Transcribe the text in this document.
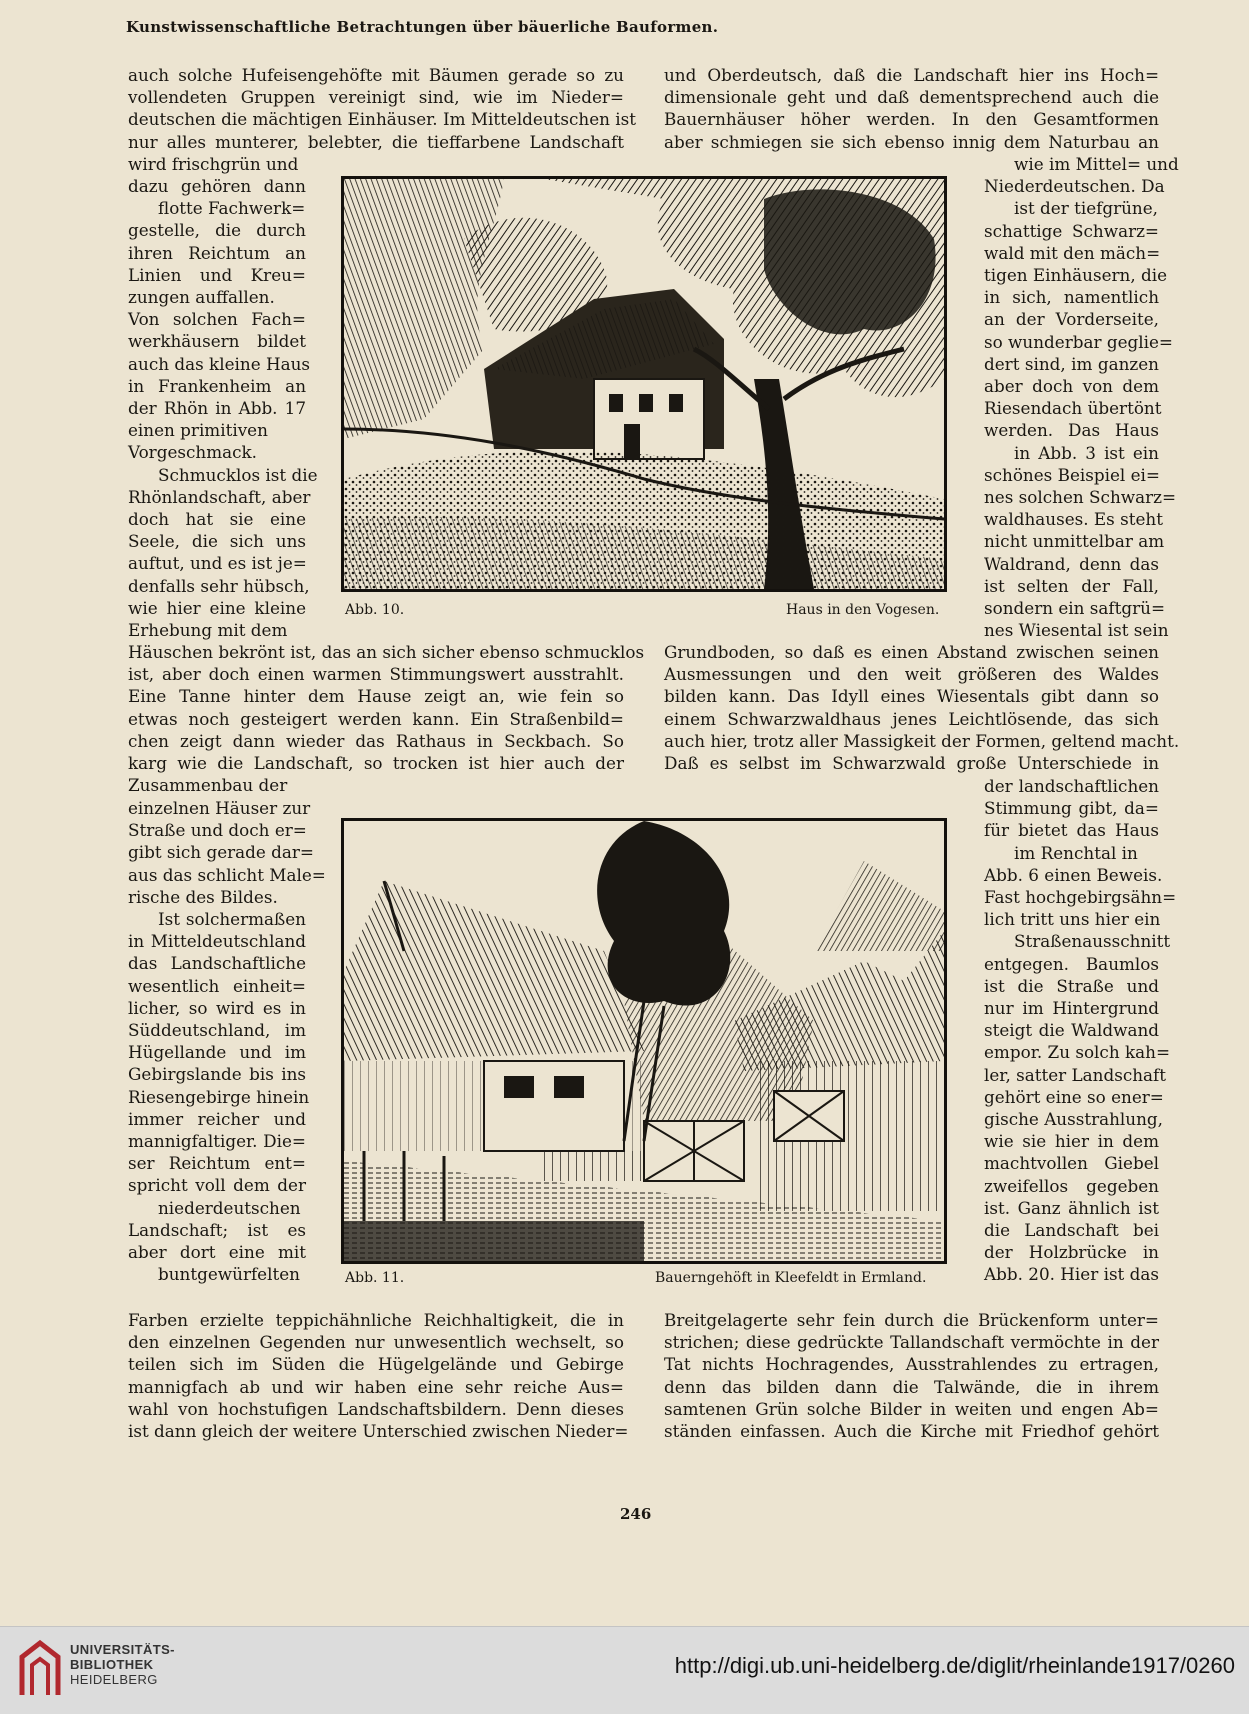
Kunstwissenschaftliche Betrachtungen über bäuerliche Bauformen.
auch solche Hufeisengehöfte mit Bäumen gerade so zu
vollendeten Gruppen vereinigt sind, wie im Nieder=
deutschen die mächtigen Einhäuser. Im Mitteldeutschen ist
nur alles munterer, belebter, die tieffarbene Landschaft
wird frischgrün und
dazu gehören dann
flotte Fachwerk=
gestelle, die durch
ihren Reichtum an
Linien und Kreu=
zungen auffallen.
Von solchen Fach=
werkhäusern bildet
auch das kleine Haus
in Frankenheim an
der Rhön in Abb. 17
einen primitiven
Vorgeschmack.
Schmucklos ist die
Rhönlandschaft, aber
doch hat sie eine
Seele, die sich uns
auftut, und es ist je=
denfalls sehr hübsch,
wie hier eine kleine
Erhebung mit dem
Häuschen bekrönt ist, das an sich sicher ebenso schmucklos
ist, aber doch einen warmen Stimmungswert ausstrahlt.
Eine Tanne hinter dem Hause zeigt an, wie fein so
etwas noch gesteigert werden kann. Ein Straßenbild=
chen zeigt dann wieder das Rathaus in Seckbach. So
karg wie die Landschaft, so trocken ist hier auch der
Zusammenbau der
einzelnen Häuser zur
Straße und doch er=
gibt sich gerade dar=
aus das schlicht Male=
rische des Bildes.
Ist solchermaßen
in Mitteldeutschland
das Landschaftliche
wesentlich einheit=
licher, so wird es in
Süddeutschland, im
Hügellande und im
Gebirgslande bis ins
Riesengebirge hinein
immer reicher und
mannigfaltiger. Die=
ser Reichtum ent=
spricht voll dem der
niederdeutschen
Landschaft; ist es
aber dort eine mit
buntgewürfelten
Farben erzielte teppichähnliche Reichhaltigkeit, die in
den einzelnen Gegenden nur unwesentlich wechselt, so
teilen sich im Süden die Hügelgelände und Gebirge
mannigfach ab und wir haben eine sehr reiche Aus=
wahl von hochstufigen Landschaftsbildern. Denn dieses
ist dann gleich der weitere Unterschied zwischen Nieder=
und Oberdeutsch, daß die Landschaft hier ins Hoch=
dimensionale geht und daß dementsprechend auch die
Bauernhäuser höher werden. In den Gesamtformen
aber schmiegen sie sich ebenso innig dem Naturbau an
wie im Mittel= und
Niederdeutschen. Da
ist der tiefgrüne,
schattige Schwarz=
wald mit den mäch=
tigen Einhäusern, die
in sich, namentlich
an der Vorderseite,
so wunderbar geglie=
dert sind, im ganzen
aber doch von dem
Riesendach übertönt
werden. Das Haus
in Abb. 3 ist ein
schönes Beispiel ei=
nes solchen Schwarz=
waldhauses. Es steht
nicht unmittelbar am
Waldrand, denn das
ist selten der Fall,
sondern ein saftgrü=
nes Wiesental ist sein
Grundboden, so daß es einen Abstand zwischen seinen
Ausmessungen und den weit größeren des Waldes
bilden kann. Das Idyll eines Wiesentals gibt dann so
einem Schwarzwaldhaus jenes Leichtlösende, das sich
auch hier, trotz aller Massigkeit der Formen, geltend macht.
Daß es selbst im Schwarzwald große Unterschiede in
der landschaftlichen
Stimmung gibt, da=
für bietet das Haus
im Renchtal in
Abb. 6 einen Beweis.
Fast hochgebirgsähn=
lich tritt uns hier ein
Straßenausschnitt
entgegen. Baumlos
ist die Straße und
nur im Hintergrund
steigt die Waldwand
empor. Zu solch kah=
ler, satter Landschaft
gehört eine so ener=
gische Ausstrahlung,
wie sie hier in dem
machtvollen Giebel
zweifellos gegeben
ist. Ganz ähnlich ist
die Landschaft bei
der Holzbrücke in
Abb. 20. Hier ist das
Breitgelagerte sehr fein durch die Brückenform unter=
strichen; diese gedrückte Tallandschaft vermöchte in der
Tat nichts Hochragendes, Ausstrahlendes zu ertragen,
denn das bilden dann die Talwände, die in ihrem
samtenen Grün solche Bilder in weiten und engen Ab=
ständen einfassen. Auch die Kirche mit Friedhof gehört
Abb. 10.	Haus in den Vogesen.
Abb. 11.	Bauerngehöft in Kleefeldt in Ermland.
246
UNIVERSITÄTS-
BIBLIOTHEK
HEIDELBERG
http://digi.ub.uni-heidelberg.de/diglit/rheinlande1917/0260
